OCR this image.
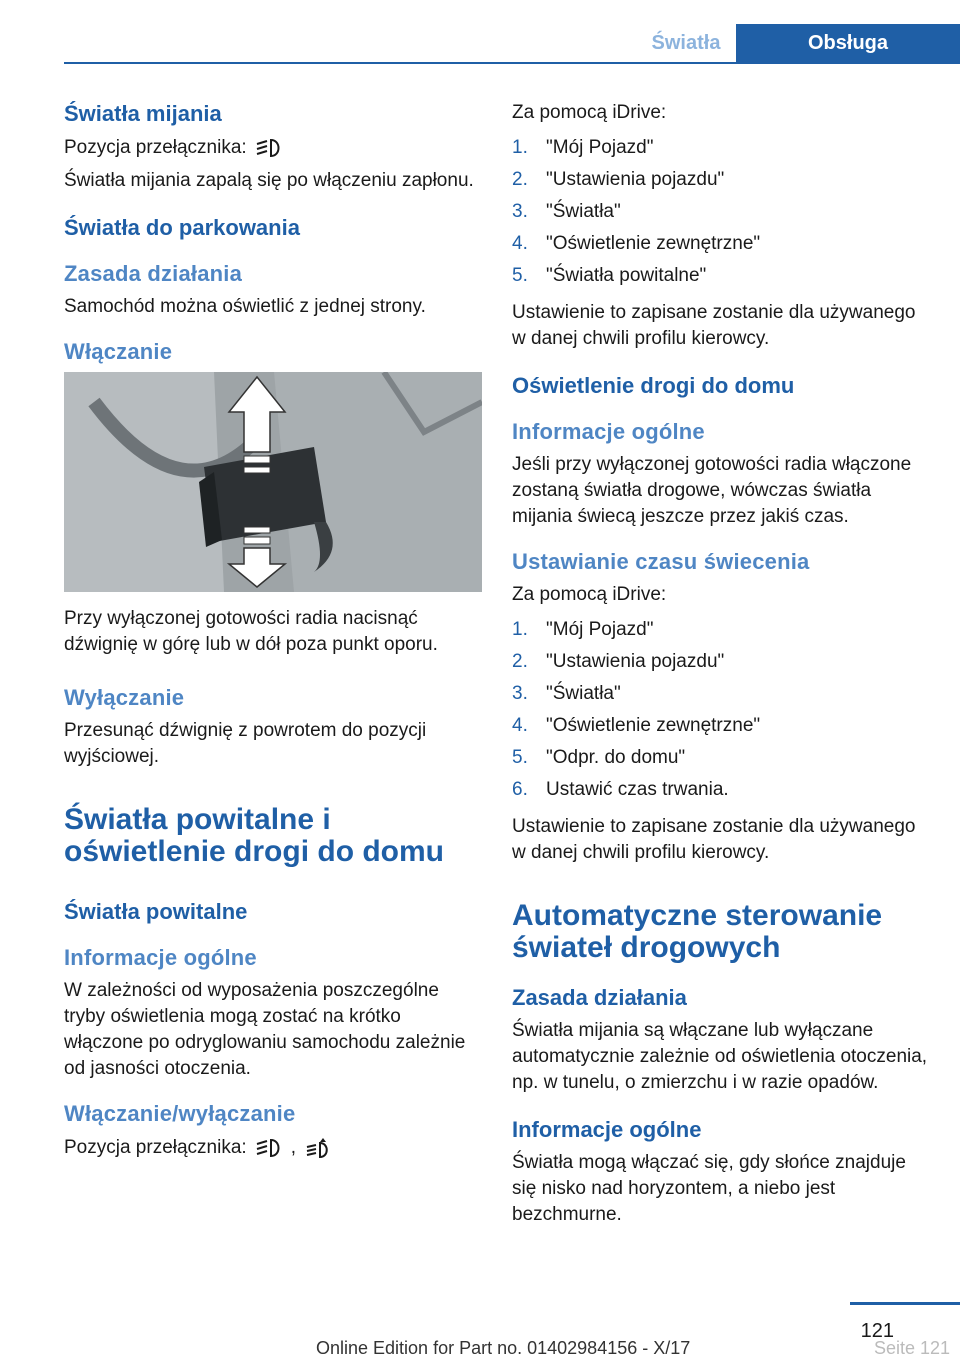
Światła	Obsługa
Światła mijania
Pozycja przełącznika:

Światła mijania zapalą się po włączeniu zapłonu.

Światła do parkowania
Zasada działania

Samochód można oświetlić z jednej strony.

Włączanie

Przy wyłączonej gotowości radia nacisnąć dźwignię w górę lub w dół poza punkt oporu.

Wyłączanie

Przesunąć dźwignię z powrotem do pozycji wyjściowej.

Światła powitalne i oświetlenie drogi do domu
Światła powitalne
Informacje ogólne

W zależności od wyposażenia poszczególne tryby oświetlenia mogą zostać na krótko włączone po odryglowaniu samochodu zależnie od jasności otoczenia.

Włączanie/wyłączanie
Pozycja przełącznika: ,

Za pomocą iDrive:

1. "Mój Pojazd"
2. "Ustawienia pojazdu"
3. "Światła"
4. "Oświetlenie zewnętrzne"
5. "Światła powitalne"

Ustawienie to zapisane zostanie dla używanego w danej chwili profilu kierowcy.

Oświetlenie drogi do domu
Informacje ogólne

Jeśli przy wyłączonej gotowości radia włączone zostaną światła drogowe, wówczas światła mijania świecą jeszcze przez jakiś czas.

Ustawianie czasu świecenia

Za pomocą iDrive:

1. "Mój Pojazd"
2. "Ustawienia pojazdu"
3. "Światła"
4. "Oświetlenie zewnętrzne"
5. "Odpr. do domu"
6. Ustawić czas trwania.

Ustawienie to zapisane zostanie dla używanego w danej chwili profilu kierowcy.

Automatyczne sterowanie świateł drogowych
Zasada działania

Światła mijania są włączane lub wyłączane automatycznie zależnie od oświetlenia otoczenia, np. w tunelu, o zmierzchu i w razie opadów.

Informacje ogólne

Światła mogą włączać się, gdy słońce znajduje się nisko nad horyzontem, a niebo jest bezchmurne.

121
Online Edition for Part no. 01402984156 - X/17	Seite 121
